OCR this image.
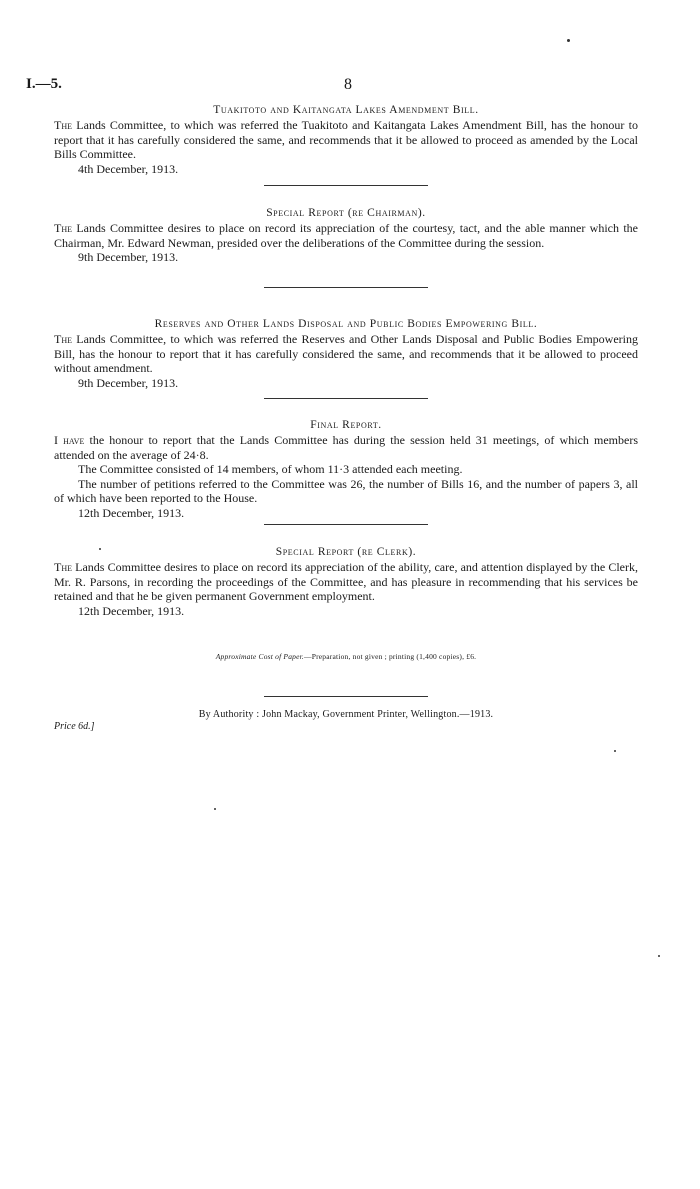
I.—5.	8
Tuakitoto and Kaitangata Lakes Amendment Bill.

The Lands Committee, to which was referred the Tuakitoto and Kaitangata Lakes Amendment Bill, has the honour to report that it has carefully considered the same, and recommends that it be allowed to proceed as amended by the Local Bills Committee.

4th December, 1913.

Special Report (re Chairman).

The Lands Committee desires to place on record its appreciation of the courtesy, tact, and the able manner which the Chairman, Mr. Edward Newman, presided over the deliberations of the Committee during the session.

9th December, 1913.

Reserves and Other Lands Disposal and Public Bodies Empowering Bill.

The Lands Committee, to which was referred the Reserves and Other Lands Disposal and Public Bodies Empowering Bill, has the honour to report that it has carefully considered the same, and recommends that it be allowed to proceed without amendment.

9th December, 1913.

Final Report.

I have the honour to report that the Lands Committee has during the session held 31 meetings, of which members attended on the average of 24·8.

The Committee consisted of 14 members, of whom 11·3 attended each meeting.

The number of petitions referred to the Committee was 26, the number of Bills 16, and the number of papers 3, all of which have been reported to the House.

12th December, 1913.

Special Report (re Clerk).

The Lands Committee desires to place on record its appreciation of the ability, care, and attention displayed by the Clerk, Mr. R. Parsons, in recording the proceedings of the Committee, and has pleasure in recommending that his services be retained and that he be given permanent Government employment.

12th December, 1913.

Approximate Cost of Paper.—Preparation, not given ; printing (1,400 copies), £6.

By Authority : John Mackay, Government Printer, Wellington.—1913.

Price 6d.]
